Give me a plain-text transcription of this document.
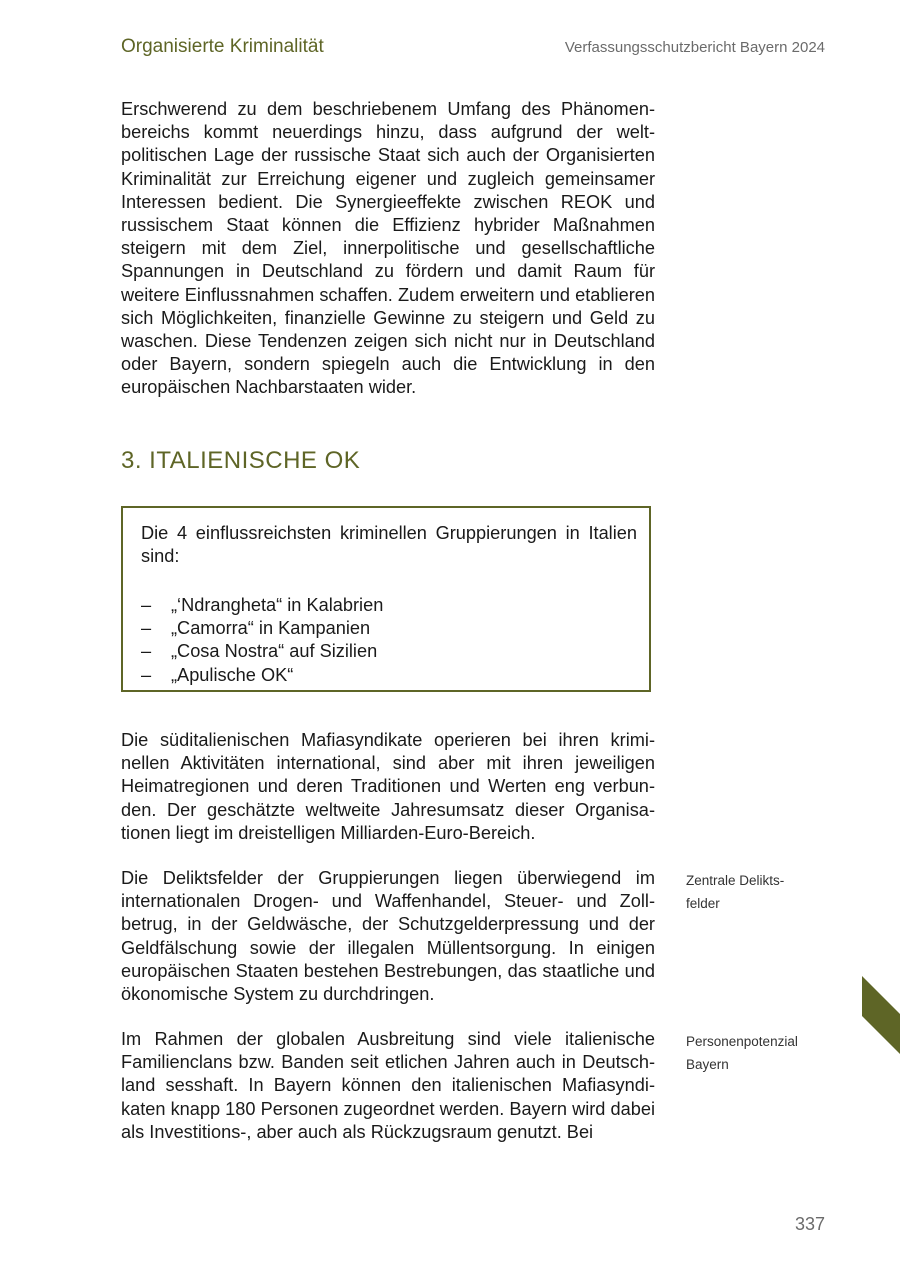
Organisierte Kriminalität	Verfassungsschutzbericht Bayern 2024
Erschwerend zu dem beschriebenem Umfang des Phänomenbereichs kommt neuerdings hinzu, dass aufgrund der weltpolitischen Lage der russische Staat sich auch der Organisierten Kriminalität zur Erreichung eigener und zugleich gemeinsamer Interessen bedient. Die Synergieeffekte zwischen REOK und russischem Staat können die Effizienz hybrider Maßnahmen steigern mit dem Ziel, innerpolitische und gesellschaftliche Spannungen in Deutschland zu fördern und damit Raum für weitere Einflussnahmen schaffen. Zudem erweitern und etablieren sich Möglichkeiten, finanzielle Gewinne zu steigern und Geld zu waschen. Diese Tendenzen zeigen sich nicht nur in Deutschland oder Bayern, sondern spiegeln auch die Entwicklung in den europäischen Nachbarstaaten wider.
3. ITALIENISCHE OK
Die 4 einflussreichsten kriminellen Gruppierungen in Italien sind:
– „‘Ndrangheta“ in Kalabrien
– „Camorra“ in Kampanien
– „Cosa Nostra“ auf Sizilien
– „Apulische OK“
Die süditalienischen Mafiasyndikate operieren bei ihren kriminellen Aktivitäten international, sind aber mit ihren jeweiligen Heimatregionen und deren Traditionen und Werten eng verbunden. Der geschätzte weltweite Jahresumsatz dieser Organisationen liegt im dreistelligen Milliarden-Euro-Bereich.
Die Deliktsfelder der Gruppierungen liegen überwiegend im internationalen Drogen- und Waffenhandel, Steuer- und Zollbetrug, in der Geldwäsche, der Schutzgelderpressung und der Geldfälschung sowie der illegalen Müllentsorgung. In einigen europäischen Staaten bestehen Bestrebungen, das staatliche und ökonomische System zu durchdringen.
Zentrale Delikts-
felder
Im Rahmen der globalen Ausbreitung sind viele italienische Familienclans bzw. Banden seit etlichen Jahren auch in Deutschland sesshaft. In Bayern können den italienischen Mafiasyndikaten knapp 180 Personen zugeordnet werden. Bayern wird dabei als Investitions-, aber auch als Rückzugsraum genutzt. Bei
Personenpotenzial
Bayern
337
